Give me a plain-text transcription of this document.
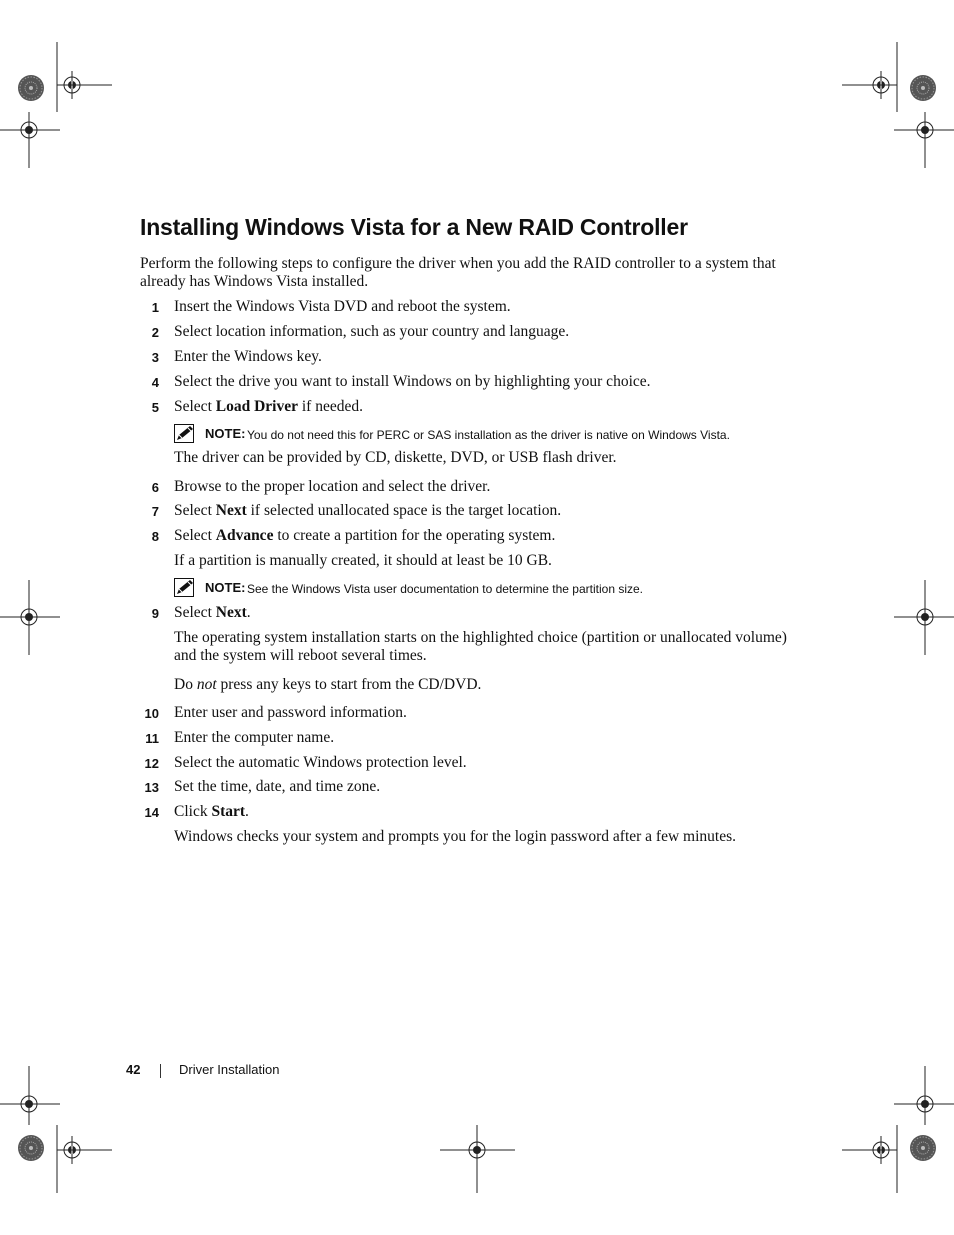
Installing Windows Vista for a New RAID Controller

Perform the following steps to configure the driver when you add the RAID controller to a system that already has Windows Vista installed.

1 Insert the Windows Vista DVD and reboot the system.
2 Select location information, such as your country and language.
3 Enter the Windows key.
4 Select the drive you want to install Windows on by highlighting your choice.
5 Select Load Driver if needed.
NOTE: You do not need this for PERC or SAS installation as the driver is native on Windows Vista.

The driver can be provided by CD, diskette, DVD, or USB flash driver.

6 Browse to the proper location and select the driver.
7 Select Next if selected unallocated space is the target location.
8 Select Advance to create a partition for the operating system.

If a partition is manually created, it should at least be 10 GB.

NOTE: See the Windows Vista user documentation to determine the partition size.
9 Select Next.

The operating system installation starts on the highlighted choice (partition or unallocated volume) and the system will reboot several times.

Do not press any keys to start from the CD/DVD.

10 Enter user and password information.
11 Enter the computer name.
12 Select the automatic Windows protection level.
13 Set the time, date, and time zone.
14 Click Start.

Windows checks your system and prompts you for the login password after a few minutes.

42	Driver Installation
